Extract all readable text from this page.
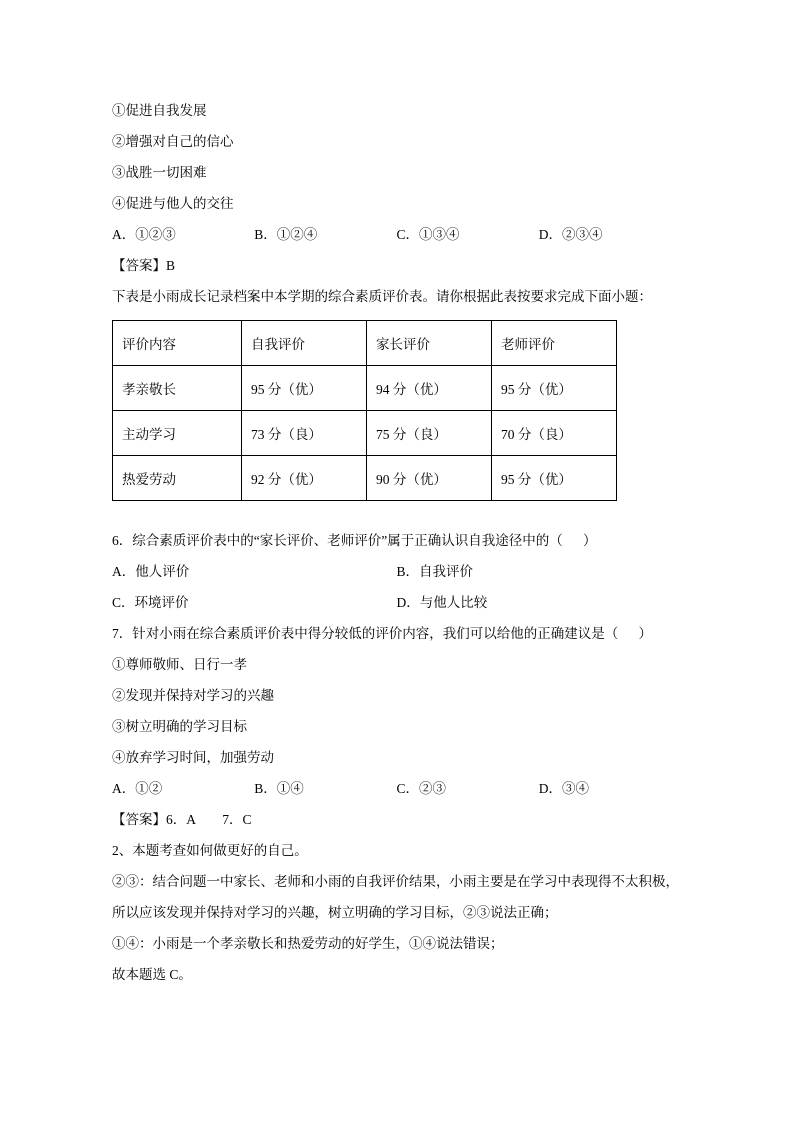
①促进自我发展
②增强对自己的信心
③战胜一切困难
④促进与他人的交往
A．①②③	B．①②④	C．①③④	D．②③④
【答案】B
下表是小雨成长记录档案中本学期的综合素质评价表。请你根据此表按要求完成下面小题：
评价内容	自我评价	家长评价	老师评价
孝亲敬长	95 分（优）	94 分（优）	95 分（优）
主动学习	73 分（良）	75 分（良）	70 分（良）
热爱劳动	92 分（优）	90 分（优）	95 分（优）
6．综合素质评价表中的“家长评价、老师评价”属于正确认识自我途径中的（      ）
A．他人评价	B．自我评价
C．环境评价	D．与他人比较
7．针对小雨在综合素质评价表中得分较低的评价内容，我们可以给他的正确建议是（      ）
①尊师敬师、日行一孝
②发现并保持对学习的兴趣
③树立明确的学习目标
④放弃学习时间，加强劳动
A．①②	B．①④	C．②③	D．③④
【答案】6．A　　7．C
2、本题考查如何做更好的自己。
②③：结合问题一中家长、老师和小雨的自我评价结果，小雨主要是在学习中表现得不太积极，所以应该发现并保持对学习的兴趣，树立明确的学习目标，②③说法正确；
①④：小雨是一个孝亲敬长和热爱劳动的好学生，①④说法错误；
故本题选 C。
